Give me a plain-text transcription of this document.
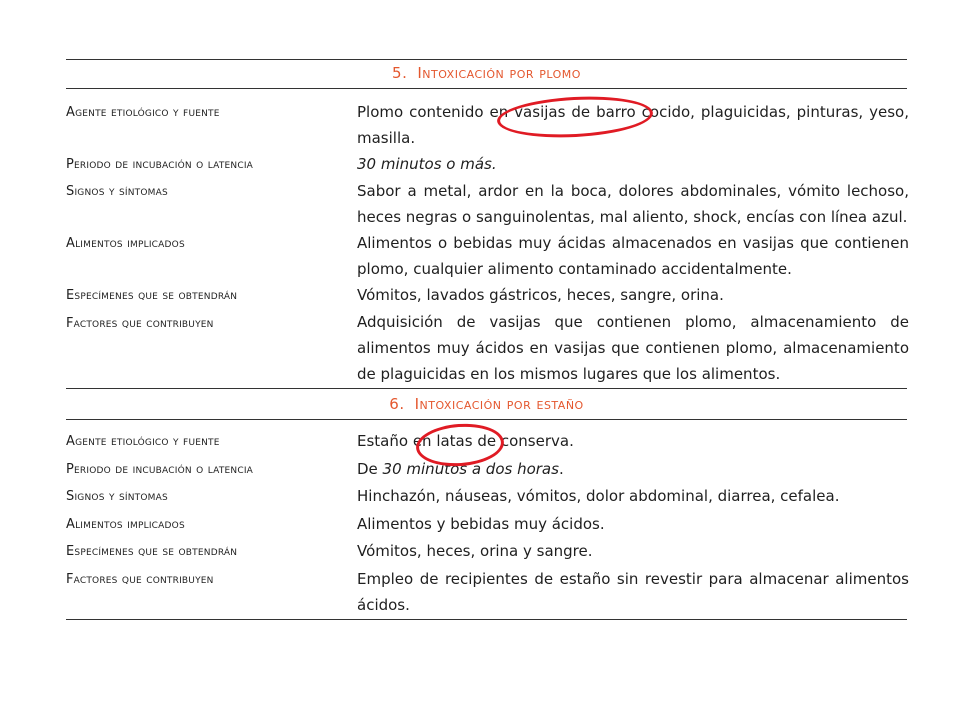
5. Intoxicación por plomo
Agente etiológico y fuente	Plomo contenido en vasijas de barro cocido, plaguicidas, pinturas, yeso, masilla.
Periodo de incubación o latencia	30 minutos o más.
Signos y síntomas	Sabor a metal, ardor en la boca, dolores abdominales, vómito lechoso, heces negras o sanguinolentas, mal aliento, shock, encías con línea azul.
Alimentos implicados	Alimentos o bebidas muy ácidas almacenados en vasijas que contienen plomo, cualquier alimento contaminado accidentalmente.
Especímenes que se obtendrán	Vómitos, lavados gástricos, heces, sangre, orina.
Factores que contribuyen	Adquisición de vasijas que contienen plomo, almacenamiento de alimentos muy ácidos en vasijas que contienen plomo, almacenamiento de plaguicidas en los mismos lugares que los alimentos.
6. Intoxicación por estaño
Agente etiológico y fuente	Estaño en latas de conserva.
Periodo de incubación o latencia	De 30 minutos a dos horas.
Signos y síntomas	Hinchazón, náuseas, vómitos, dolor abdominal, diarrea, cefalea.
Alimentos implicados	Alimentos y bebidas muy ácidos.
Especímenes que se obtendrán	Vómitos, heces, orina y sangre.
Factores que contribuyen	Empleo de recipientes de estaño sin revestir para almacenar alimentos ácidos.
